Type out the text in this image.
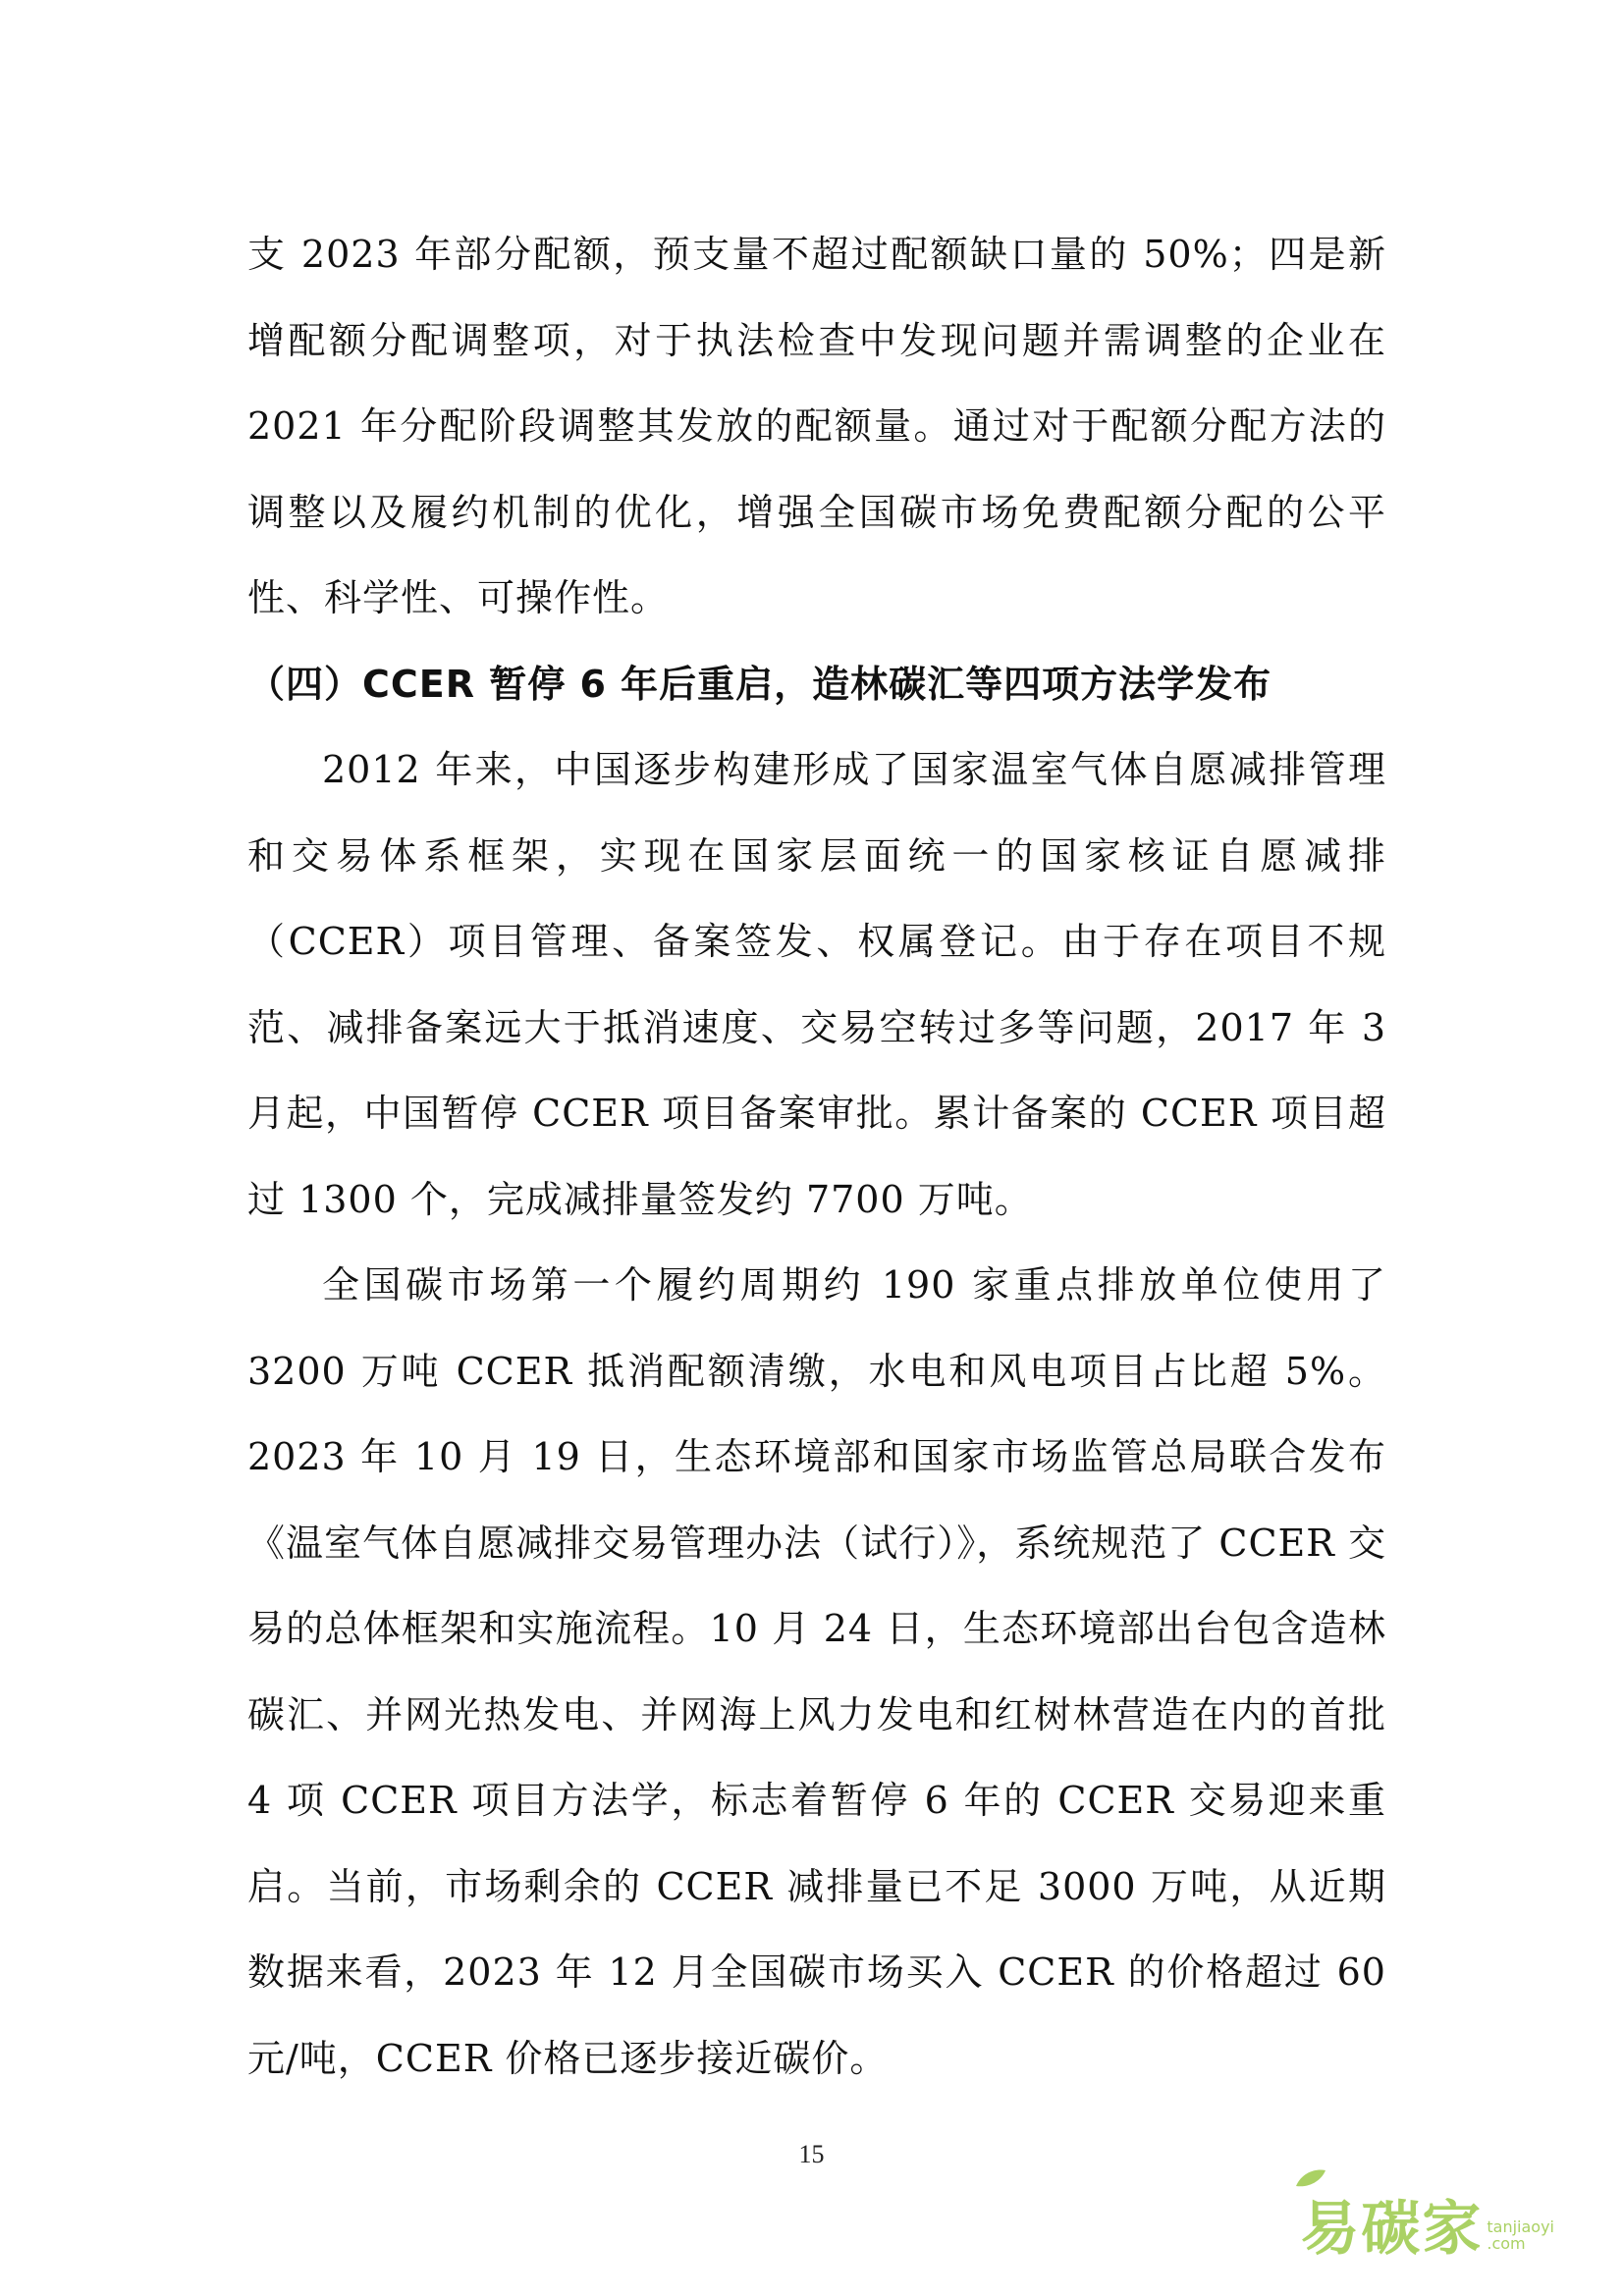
支 2023 年部分配额，预支量不超过配额缺口量的 50%；四是新增配额分配调整项，对于执法检查中发现问题并需调整的企业在 2021 年分配阶段调整其发放的配额量。通过对于配额分配方法的调整以及履约机制的优化，增强全国碳市场免费配额分配的公平性、科学性、可操作性。

（四）CCER 暂停 6 年后重启，造林碳汇等四项方法学发布

2012 年来，中国逐步构建形成了国家温室气体自愿减排管理和交易体系框架，实现在国家层面统一的国家核证自愿减排（CCER）项目管理、备案签发、权属登记。由于存在项目不规范、减排备案远大于抵消速度、交易空转过多等问题，2017 年 3 月起，中国暂停 CCER 项目备案审批。累计备案的 CCER 项目超过 1300 个，完成减排量签发约 7700 万吨。

全国碳市场第一个履约周期约 190 家重点排放单位使用了 3200 万吨 CCER 抵消配额清缴，水电和风电项目占比超 5%。2023 年 10 月 19 日，生态环境部和国家市场监管总局联合发布《温室气体自愿减排交易管理办法（试行）》，系统规范了 CCER 交易的总体框架和实施流程。10 月 24 日，生态环境部出台包含造林碳汇、并网光热发电、并网海上风力发电和红树林营造在内的首批 4 项 CCER 项目方法学，标志着暂停 6 年的 CCER 交易迎来重启。当前，市场剩余的 CCER 减排量已不足 3000 万吨，从近期数据来看，2023 年 12 月全国碳市场买入 CCER 的价格超过 60 元/吨，CCER 价格已逐步接近碳价。

15
易碳家 tanjiaoyi
.com
